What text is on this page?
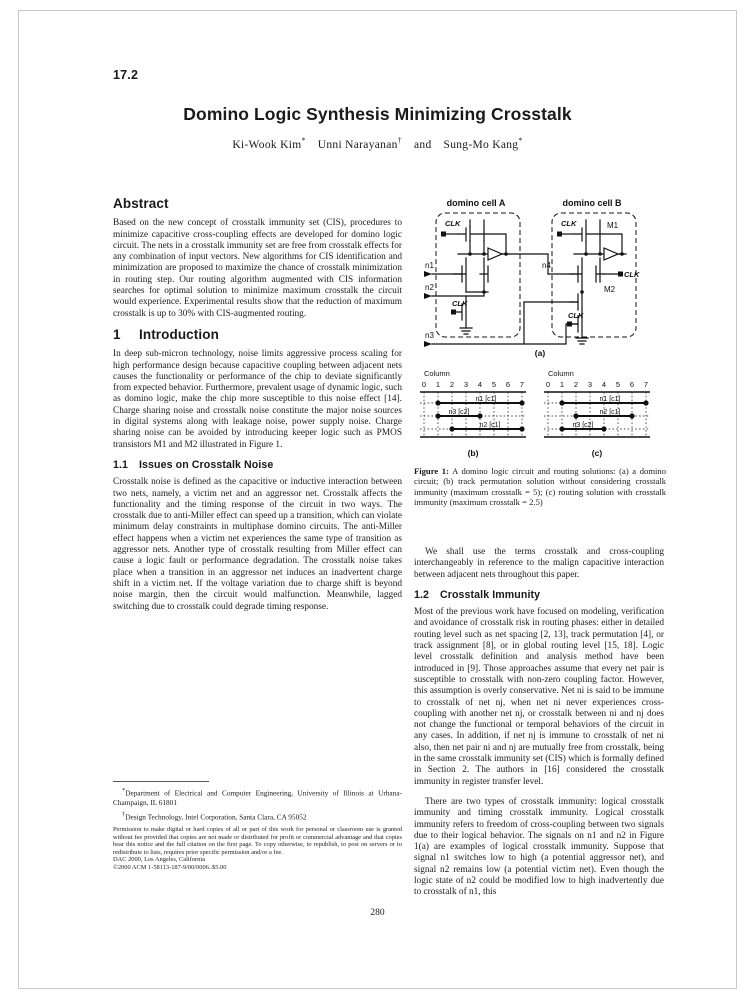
17.2
Domino Logic Synthesis Minimizing Crosstalk
Ki-Wook Kim* Unni Narayanan† and Sung-Mo Kang*
Abstract

Based on the new concept of crosstalk immunity set (CIS), procedures to minimize capacitive cross-coupling effects are developed for domino logic circuit. The nets in a crosstalk immunity set are free from crosstalk effects for any combination of input vectors. New algorithms for CIS identification and minimization are proposed to maximize the chance of crosstalk minimization in routing step. Our routing algorithm augmented with CIS information searches for optimal solution to minimize maximum crosstalk the circuit would experience. Experimental results show that the reduction of maximum crosstalk is up to 30% with CIS-augmented routing.

1 Introduction

In deep sub-micron technology, noise limits aggressive process scaling for high performance design because capacitive coupling between adjacent nets causes the functionality or performance of the chip to deviate significantly from expected behavior. Furthermore, prevalent usage of dynamic logic, such as domino logic, make the chip more susceptible to this noise effect [14]. Charge sharing noise and crosstalk noise constitute the major noise sources in digital systems along with leakage noise, power supply noise. Charge sharing noise can be avoided by introducing keeper logic such as PMOS transistors M1 and M2 illustrated in Figure 1.

1.1 Issues on Crosstalk Noise

Crosstalk noise is defined as the capacitive or inductive interaction between two nets, namely, a victim net and an aggressor net. Crosstalk affects the functionality and the timing response of the circuit in two ways. The crosstalk due to anti-Miller effect can speed up a transition, which can violate minimum delay constraints in multiphase domino circuits. The anti-Miller effect happens when a victim net experiences the same type of transition as aggressor nets. Another type of crosstalk resulting from Miller effect can cause a logic fault or performance degradation. The crosstalk noise takes place when a transition in an aggressor net induces an inadvertent charge shift in a victim net. If the voltage variation due to charge shift is beyond noise margin, then the circuit would malfunction. Meanwhile, lagged switching due to crosstalk could degrade timing response.

*Department of Electrical and Computer Engineering, University of Illinois at Urbana-Champaign, IL 61801

†Design Technology, Intel Corporation, Santa Clara, CA 95052

Permission to make digital or hard copies of all or part of this work for personal or classroom use is granted without fee provided that copies are not made or distributed for profit or commercial advantage and that copies bear this notice and the full citation on the first page. To copy otherwise, to republish, to post on servers or to redistribute to lists, requires prior specific permission and/or a fee.

DAC 2000, Los Angeles, California

©2000 ACM 1-58113-187-9/00/0006..$5.00

domino cell A	domino cell B
CLK
CLK
CLK
CLK
CLK
M1
M2
n1
n2
n3
n4
(a)
Column
0 1 2 3 4 5 6 7
n1 [c1]
n3 [c2]
n2 [c1]
(b)
Column
0 1 2 3 4 5 6 7
n1 [c1]
n2 [c1]
n3 [c2]
(c)
Figure 1: A domino logic circuit and routing solutions: (a) a domino circuit; (b) track permutation solution without considering crosstalk immunity (maximum crosstalk = 5); (c) routing solution with crosstalk immunity (maximum crosstalk = 2.5)

We shall use the terms crosstalk and cross-coupling interchangeably in reference to the malign capacitive interaction between adjacent nets throughout this paper.

1.2 Crosstalk Immunity

Most of the previous work have focused on modeling, verification and avoidance of crosstalk risk in routing phases: either in detailed routing level such as net spacing [2, 13], track permutation [4], or track assignment [8], or in global routing level [15, 18]. Logic level crosstalk definition and analysis method have been introduced in [9]. Those approaches assume that every net pair is susceptible to crosstalk with non-zero coupling factor. However, this assumption is overly conservative. Net ni is said to be immune to crosstalk of net nj, when net ni never experiences cross-coupling with another net nj, or crosstalk between ni and nj does not change the functional or temporal behaviors of the circuit in any cases. In addition, if net nj is immune to crosstalk of net ni also, then net pair ni and nj are mutually free from crosstalk, being in the same crosstalk immunity set (CIS) which is formally defined in Section 2. The authors in [16] considered the crosstalk immunity in register transfer level.

There are two types of crosstalk immunity: logical crosstalk immunity and timing crosstalk immunity. Logical crosstalk immunity refers to freedom of cross-coupling between two signals due to their logical behavior. The signals on n1 and n2 in Figure 1(a) are examples of logical crosstalk immunity. Suppose that signal n1 switches low to high (a potential aggressor net), and signal n2 remains low (a potential victim net). Even though the logic state of n2 could be modified low to high inadvertently due to crosstalk of n1, this

280
